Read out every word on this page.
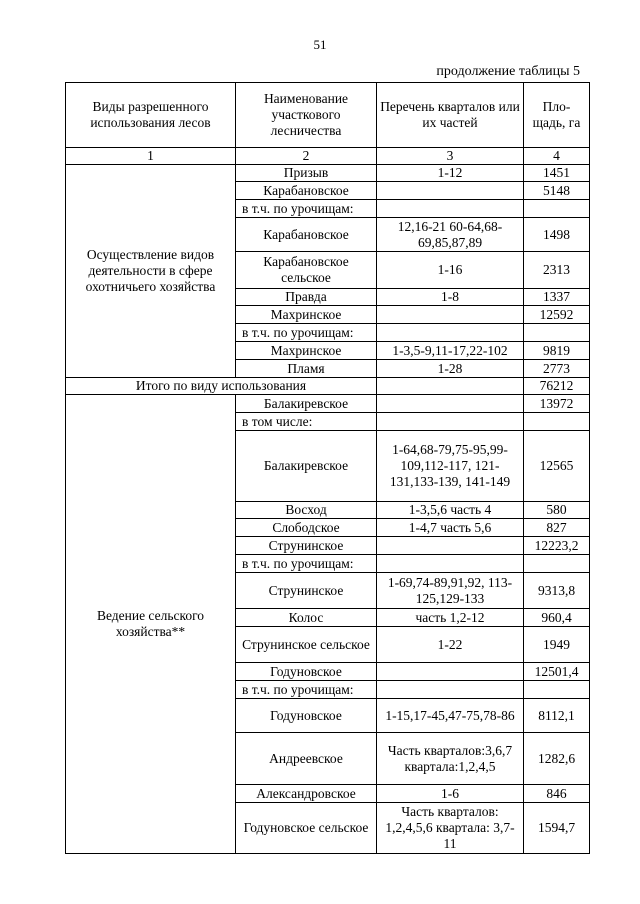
51
продолжение таблицы 5
Виды разрешенного использования лесов	Наименование участкового лесничества	Перечень кварталов или их частей	Пло-щадь, га
1	2	3	4
Осуществление видов деятельности в сфере охотничьего хозяйства	Призыв	1-12	1451
	Карабановское		5148
	в т.ч. по урочищам:		
	Карабановское	12,16-21 60-64,68-69,85,87,89	1498
	Карабановское сельское	1-16	2313
	Правда	1-8	1337
	Махринское		12592
	в т.ч. по урочищам:		
	Махринское	1-3,5-9,11-17,22-102	9819
	Пламя	1-28	2773
Итого по виду использования			76212
Ведение сельского хозяйства**	Балакиревское		13972
	в том числе:		
	Балакиревское	1-64,68-79,75-95,99-109,112-117, 121-131,133-139, 141-149	12565
	Восход	1-3,5,6 часть 4	580
	Слободское	1-4,7 часть 5,6	827
	Струнинское		12223,2
	в т.ч. по урочищам:		
	Струнинское	1-69,74-89,91,92, 113-125,129-133	9313,8
	Колос	часть 1,2-12	960,4
	Струнинское сельское	1-22	1949
	Годуновское		12501,4
	в т.ч. по урочищам:		
	Годуновское	1-15,17-45,47-75,78-86	8112,1
	Андреевское	Часть кварталов:3,6,7 квартала:1,2,4,5	1282,6
	Александровское	1-6	846
	Годуновское сельское	Часть кварталов: 1,2,4,5,6 квартала: 3,7-11	1594,7
